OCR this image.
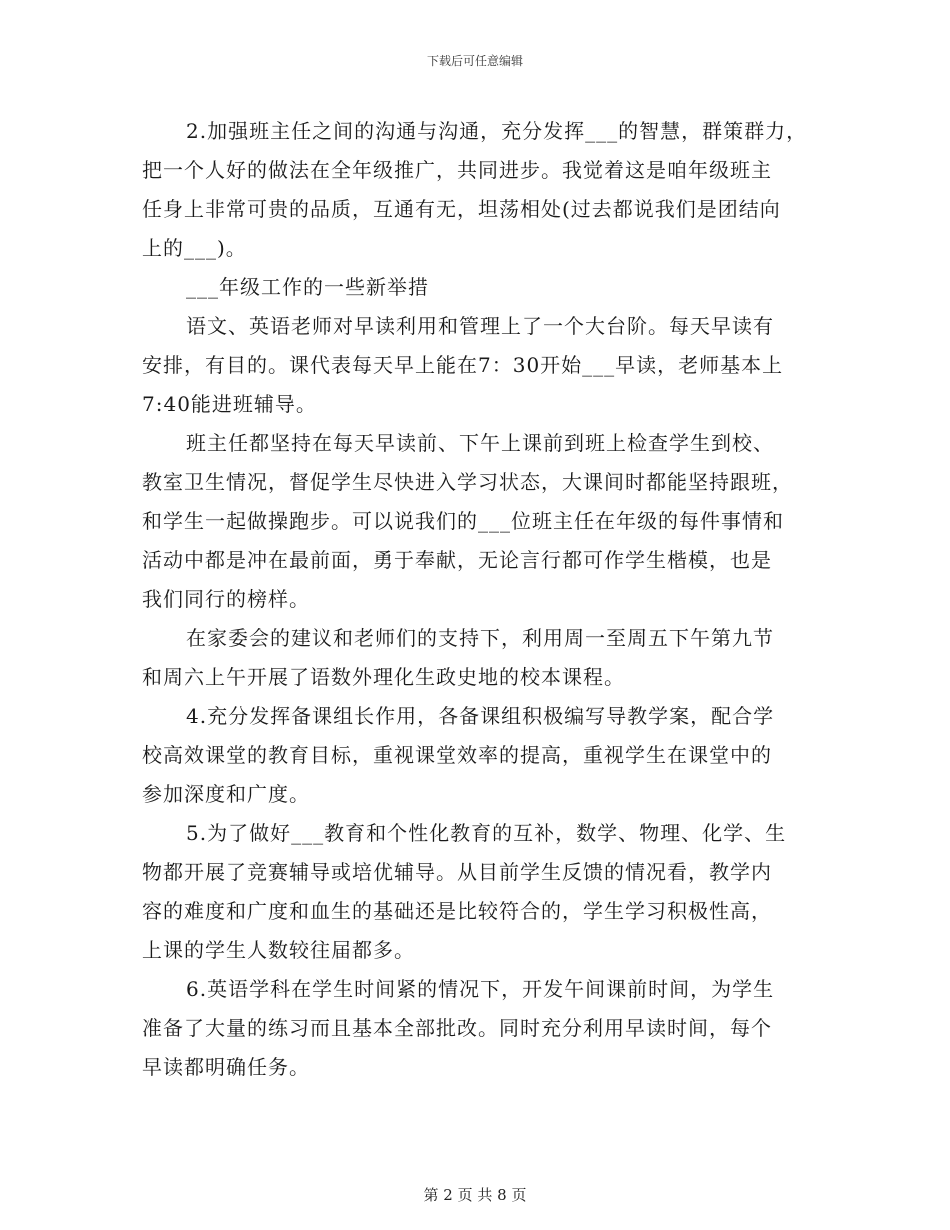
下载后可任意编辑
2.加强班主任之间的沟通与沟通，充分发挥___的智慧，群策群力，
把一个人好的做法在全年级推广，共同进步。我觉着这是咱年级班主
任身上非常可贵的品质，互通有无，坦荡相处(过去都说我们是团结向
上的___)。
___年级工作的一些新举措
语文、英语老师对早读利用和管理上了一个大台阶。每天早读有
安排，有目的。课代表每天早上能在7：30开始___早读，老师基本上
7:40能进班辅导。
班主任都坚持在每天早读前、下午上课前到班上检查学生到校、
教室卫生情况，督促学生尽快进入学习状态，大课间时都能坚持跟班，
和学生一起做操跑步。可以说我们的___位班主任在年级的每件事情和
活动中都是冲在最前面，勇于奉献，无论言行都可作学生楷模，也是
我们同行的榜样。
在家委会的建议和老师们的支持下，利用周一至周五下午第九节
和周六上午开展了语数外理化生政史地的校本课程。
4.充分发挥备课组长作用，各备课组积极编写导教学案，配合学
校高效课堂的教育目标，重视课堂效率的提高，重视学生在课堂中的
参加深度和广度。
5.为了做好___教育和个性化教育的互补，数学、物理、化学、生
物都开展了竞赛辅导或培优辅导。从目前学生反馈的情况看，教学内
容的难度和广度和血生的基础还是比较符合的，学生学习积极性高，
上课的学生人数较往届都多。
6.英语学科在学生时间紧的情况下，开发午间课前时间，为学生
准备了大量的练习而且基本全部批改。同时充分利用早读时间，每个
早读都明确任务。
第 2 页 共 8 页
